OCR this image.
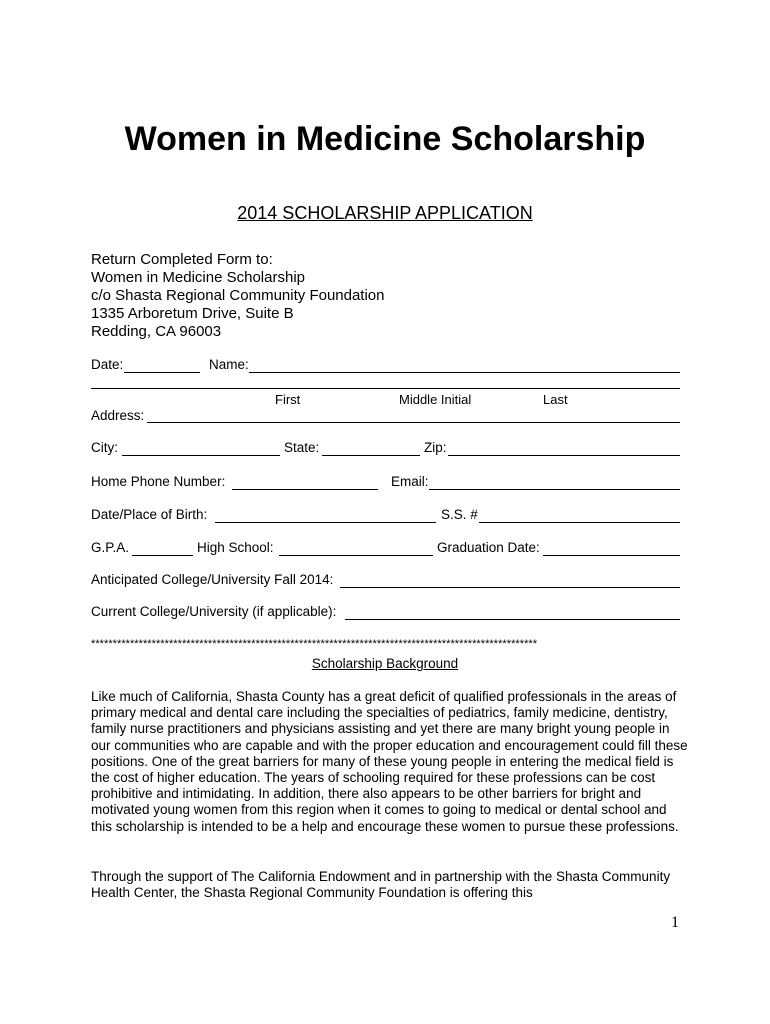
Women in Medicine Scholarship
2014 SCHOLARSHIP APPLICATION
Return Completed Form to:
Women in Medicine Scholarship
c/o Shasta Regional Community Foundation
1335 Arboretum Drive, Suite B
Redding, CA 96003
Date:	Name:
First	Middle Initial	Last
Address:
City:	State:	Zip:
Home Phone Number:	Email:
Date/Place of Birth:	S.S. #
G.P.A.	High School:	Graduation Date:
Anticipated College/University Fall 2014:
Current College/University (if applicable):
*******************************************************************************************************
Scholarship Background
Like much of California, Shasta County has a great deficit of qualified professionals in the areas of primary medical and dental care including the specialties of pediatrics, family medicine, dentistry, family nurse practitioners and physicians assisting and yet there are many bright young people in our communities who are capable and with the proper education and encouragement could fill these positions. One of the great barriers for many of these young people in entering the medical field is the cost of higher education. The years of schooling required for these professions can be cost prohibitive and intimidating. In addition, there also appears to be other barriers for bright and motivated young women from this region when it comes to going to medical or dental school and this scholarship is intended to be a help and encourage these women to pursue these professions.
Through the support of The California Endowment and in partnership with the Shasta Community Health Center, the Shasta Regional Community Foundation is offering this
1
